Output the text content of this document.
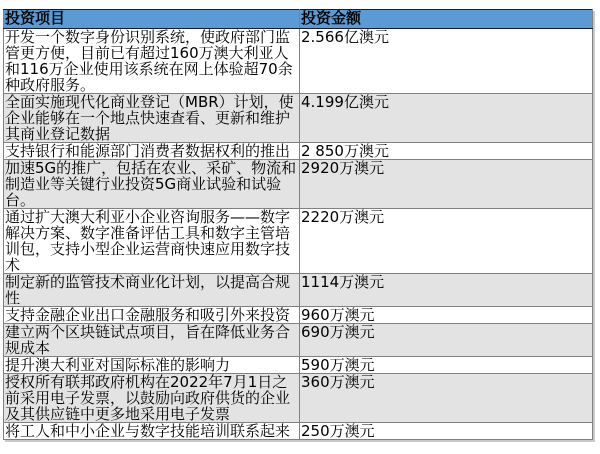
投资项目	投资金额
开发一个数字身份识别系统，使政府部门监管更方便，目前已有超过160万澳大利亚人和116万企业使用该系统在网上体验超70余种政府服务。	2.566亿澳元
全面实施现代化商业登记（MBR）计划，使企业能够在一个地点快速查看、更新和维护其商业登记数据	4.199亿澳元
支持银行和能源部门消费者数据权利的推出	2 850万澳元
加速5G的推广，包括在农业、采矿、物流和制造业等关键行业投资5G商业试验和试验台。	2920万澳元
通过扩大澳大利亚小企业咨询服务——数字解决方案、数字准备评估工具和数字主管培训包，支持小型企业运营商快速应用数字技术	2220万澳元
制定新的监管技术商业化计划，以提高合规性	1114万澳元
支持金融企业出口金融服务和吸引外来投资	960万澳元
建立两个区块链试点项目，旨在降低业务合规成本	690万澳元
提升澳大利亚对国际标准的影响力	590万澳元
授权所有联邦政府机构在2022年7月1日之前采用电子发票，以鼓励向政府供货的企业及其供应链中更多地采用电子发票	360万澳元
将工人和中小企业与数字技能培训联系起来	250万澳元
